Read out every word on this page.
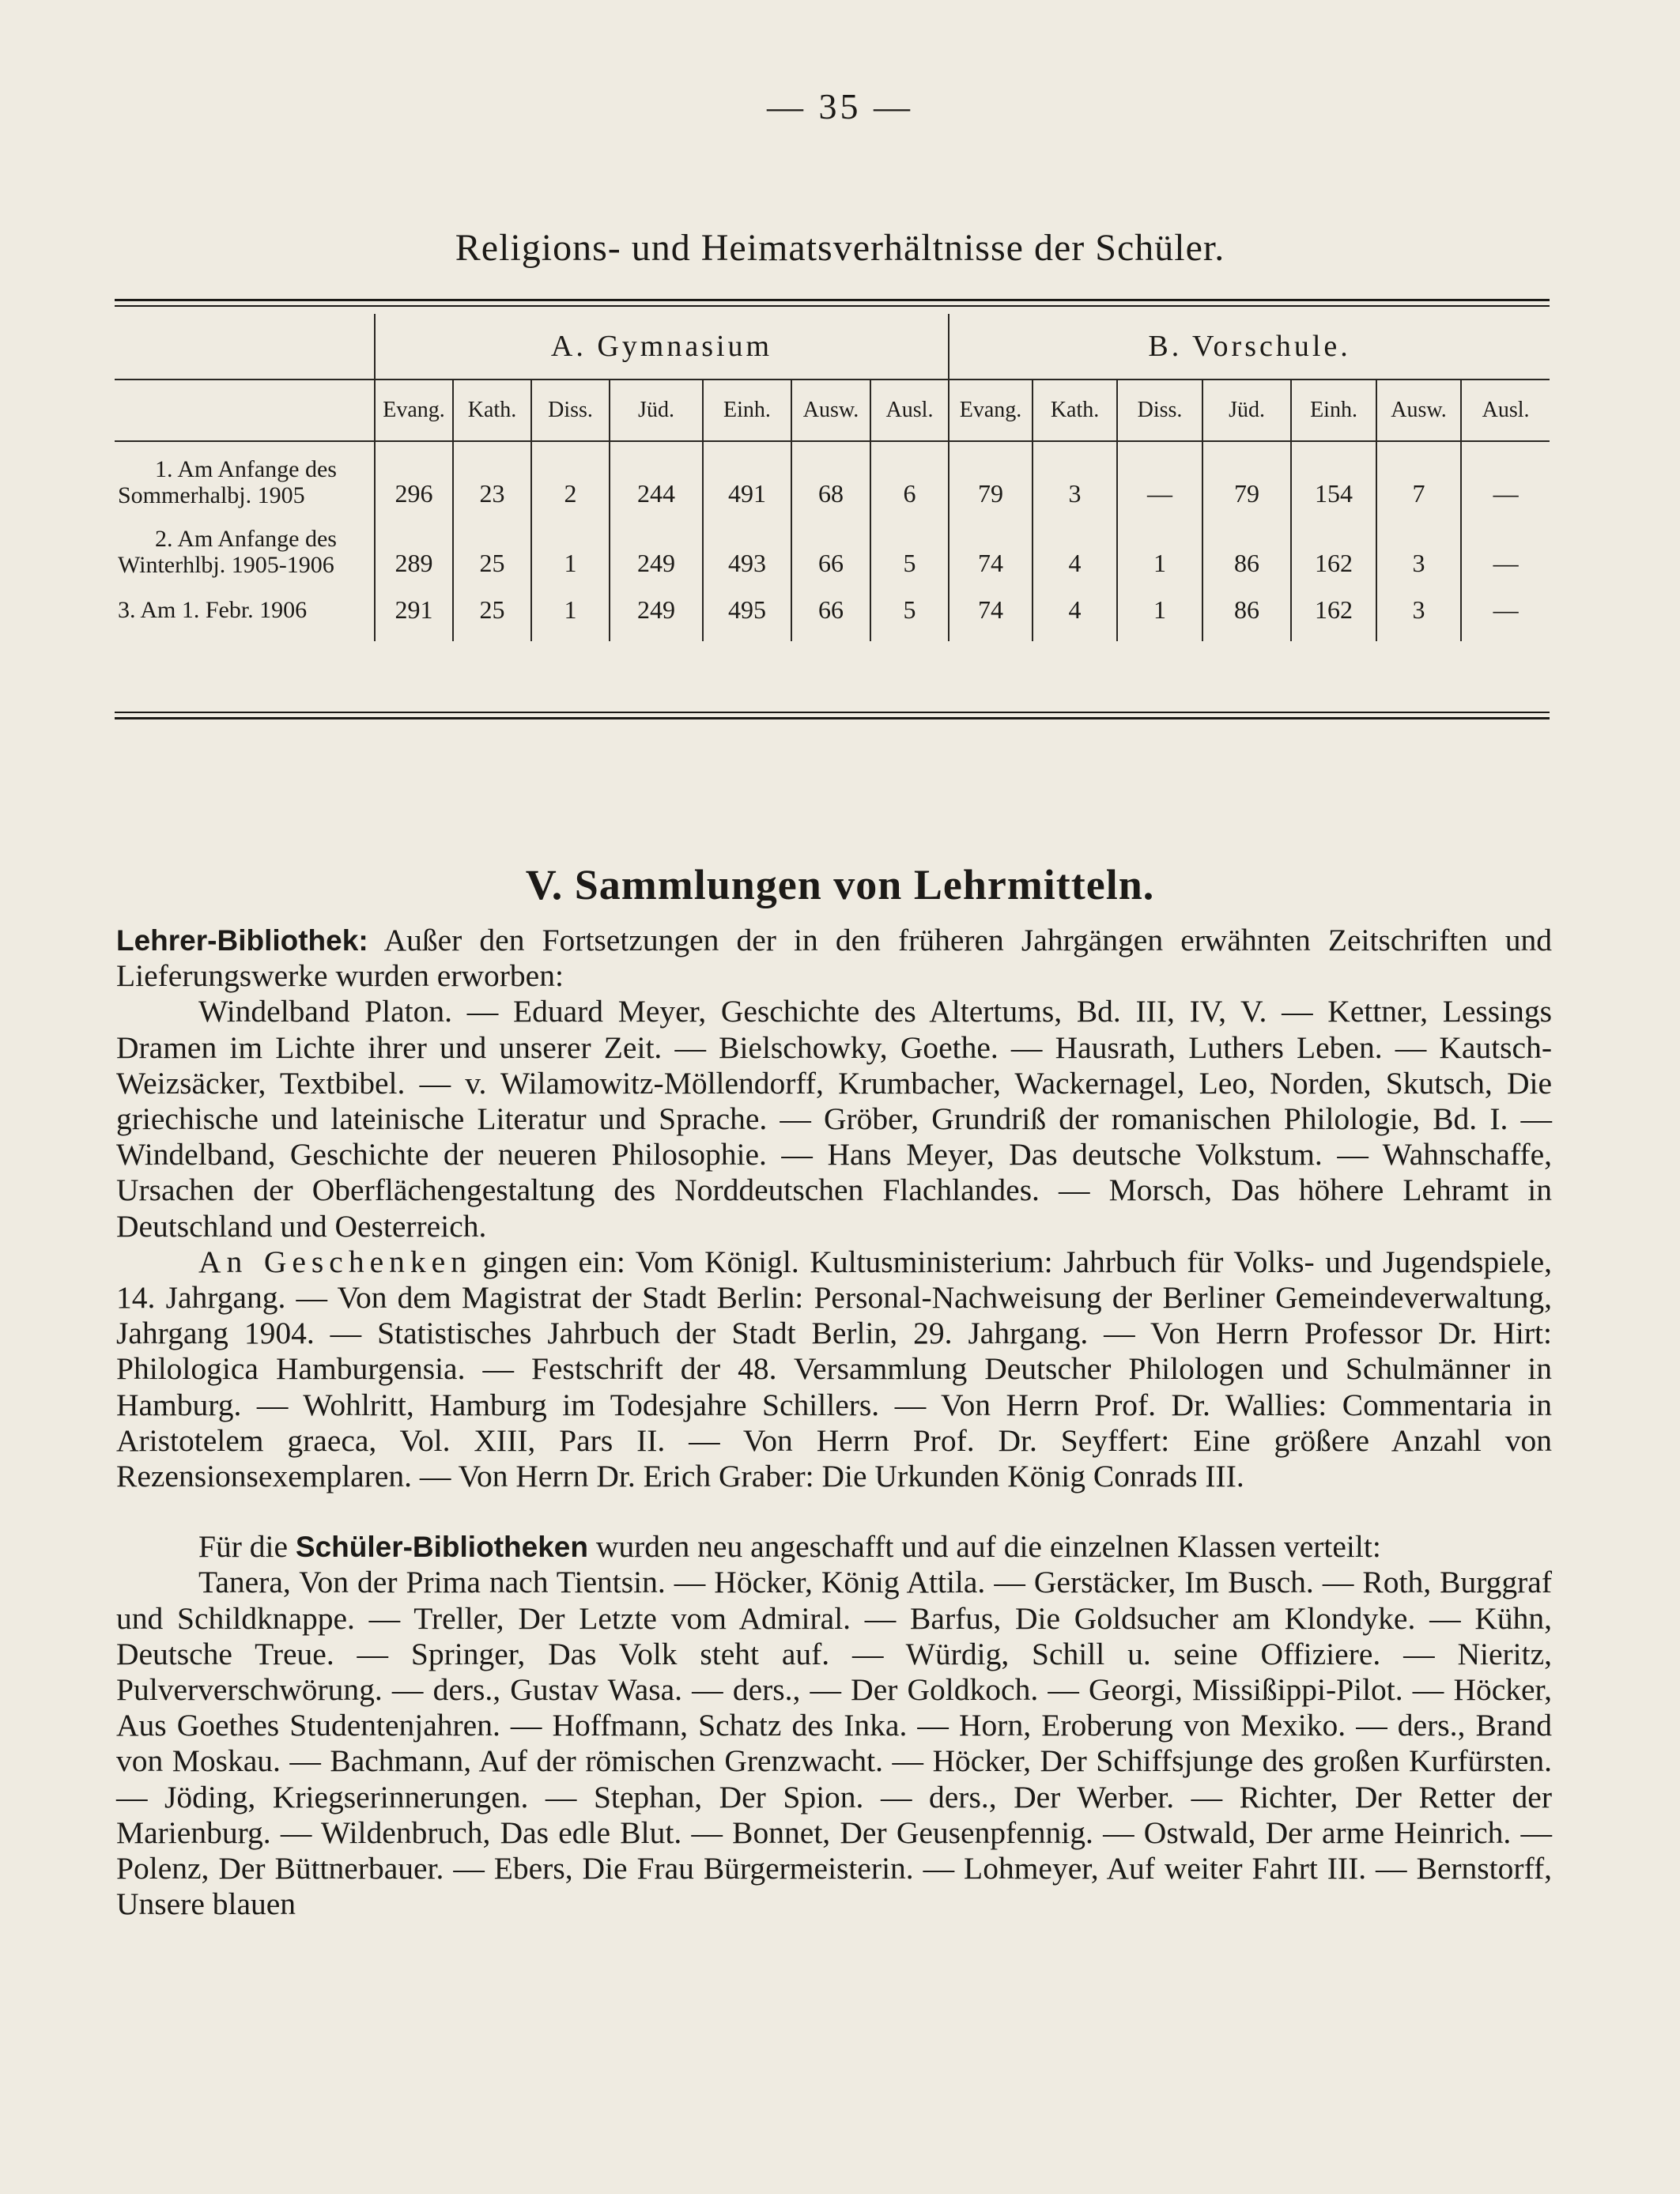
— 35 —
Religions- und Heimatsverhältnisse der Schüler.
	A. Gymnasium							B. Vorschule.						
	Evang.	Kath.	Diss.	Jüd.	Einh.	Ausw.	Ausl.	Evang.	Kath.	Diss.	Jüd.	Einh.	Ausw.	Ausl.

1. Am Anfange des
Sommerhalbj. 1905	296	23	2	244	491	68	6	79	3	—	79	154	7	—

2. Am Anfange des
Winterhlbj. 1905-1906	289	25	1	249	493	66	5	74	4	1	86	162	3	—

3. Am 1. Febr. 1906	291	25	1	249	495	66	5	74	4	1	86	162	3	—
V. Sammlungen von Lehrmitteln.

Lehrer-Bibliothek: Außer den Fortsetzungen der in den früheren Jahrgängen erwähnten Zeitschriften und Lieferungswerke wurden erworben:

Windelband Platon. — Eduard Meyer, Geschichte des Altertums, Bd. III, IV, V. — Kettner, Lessings Dramen im Lichte ihrer und unserer Zeit. — Bielschowky, Goethe. — Hausrath, Luthers Leben. — Kautsch-Weizsäcker, Textbibel. — v. Wilamowitz-Möllendorff, Krumbacher, Wackernagel, Leo, Norden, Skutsch, Die griechische und lateinische Literatur und Sprache. — Gröber, Grundriß der romanischen Philologie, Bd. I. — Windelband, Geschichte der neueren Philosophie. — Hans Meyer, Das deutsche Volkstum. — Wahnschaffe, Ursachen der Oberflächengestaltung des Norddeutschen Flachlandes. — Morsch, Das höhere Lehramt in Deutschland und Oesterreich.

An Geschenken gingen ein: Vom Königl. Kultusministerium: Jahrbuch für Volks- und Jugendspiele, 14. Jahrgang. — Von dem Magistrat der Stadt Berlin: Personal-Nachweisung der Berliner Gemeindeverwaltung, Jahrgang 1904. — Statistisches Jahrbuch der Stadt Berlin, 29. Jahrgang. — Von Herrn Professor Dr. Hirt: Philologica Hamburgensia. — Festschrift der 48. Versammlung Deutscher Philologen und Schulmänner in Hamburg. — Wohlritt, Hamburg im Todesjahre Schillers. — Von Herrn Prof. Dr. Wallies: Commentaria in Aristotelem graeca, Vol. XIII, Pars II. — Von Herrn Prof. Dr. Seyffert: Eine größere Anzahl von Rezensionsexemplaren. — Von Herrn Dr. Erich Graber: Die Urkunden König Conrads III.

Für die Schüler-Bibliotheken wurden neu angeschafft und auf die einzelnen Klassen verteilt:

Tanera, Von der Prima nach Tientsin. — Höcker, König Attila. — Gerstäcker, Im Busch. — Roth, Burggraf und Schildknappe. — Treller, Der Letzte vom Admiral. — Barfus, Die Goldsucher am Klondyke. — Kühn, Deutsche Treue. — Springer, Das Volk steht auf. — Würdig, Schill u. seine Offiziere. — Nieritz, Pulververschwörung. — ders., Gustav Wasa. — ders., — Der Goldkoch. — Georgi, Missißippi-Pilot. — Höcker, Aus Goethes Studentenjahren. — Hoffmann, Schatz des Inka. — Horn, Eroberung von Mexiko. — ders., Brand von Moskau. — Bachmann, Auf der römischen Grenzwacht. — Höcker, Der Schiffsjunge des großen Kurfürsten. — Jöding, Kriegserinnerungen. — Stephan, Der Spion. — ders., Der Werber. — Richter, Der Retter der Marienburg. — Wildenbruch, Das edle Blut. — Bonnet, Der Geusenpfennig. — Ostwald, Der arme Heinrich. — Polenz, Der Büttnerbauer. — Ebers, Die Frau Bürgermeisterin. — Lohmeyer, Auf weiter Fahrt III. — Bernstorff, Unsere blauen
